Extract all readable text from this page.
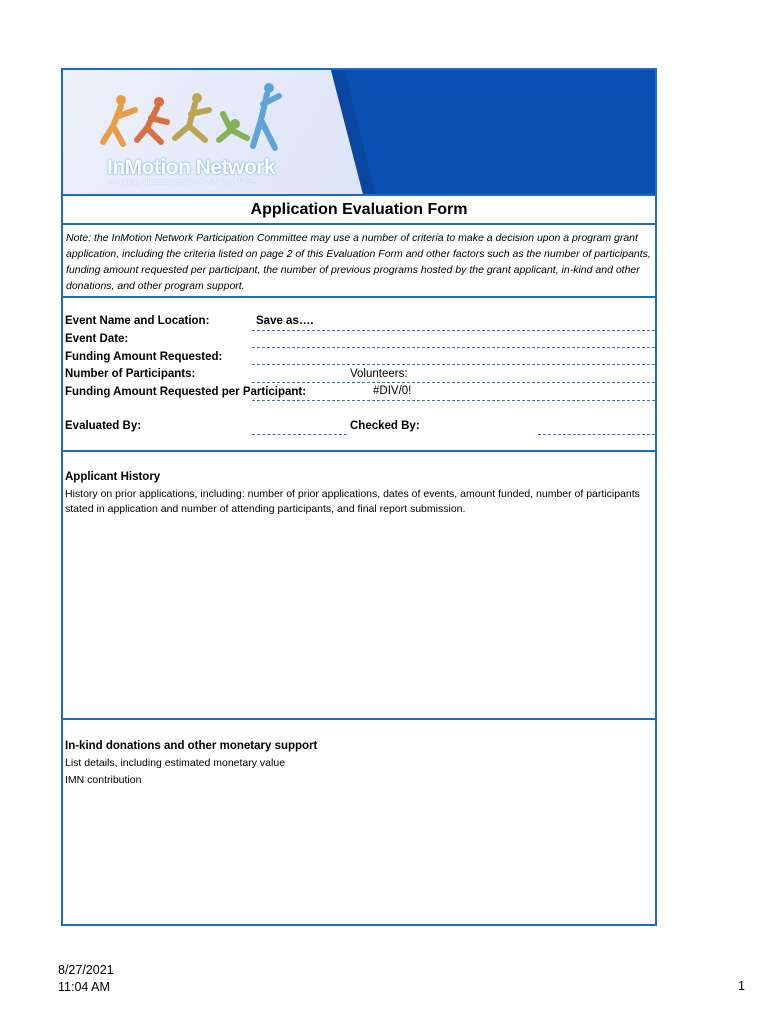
InMotion Network
Promoting Physical Activity For Girls And Women
Application Evaluation Form
Note: the InMotion Network Participation Committee may use a number of criteria to make a decision upon a program grant application, including the criteria listed on page 2 of this Evaluation Form and other factors such as the number of participants, funding amount requested per participant, the number of previous programs hosted by the grant applicant, in-kind and other donations, and other program support.
Event Name and Location:	Save as….
Event Date:
Funding Amount Requested:
Number of Participants:	Volunteers:
Funding Amount Requested per Participant:	#DIV/0!
Evaluated By:	Checked By:
Applicant History
History on prior applications, including: number of prior applications, dates of events, amount funded, number of participants stated in application and number of attending participants, and final report submission.
In-kind donations and other monetary support
List details, including estimated monetary value
IMN contribution
8/27/2021
11:04 AM	1
